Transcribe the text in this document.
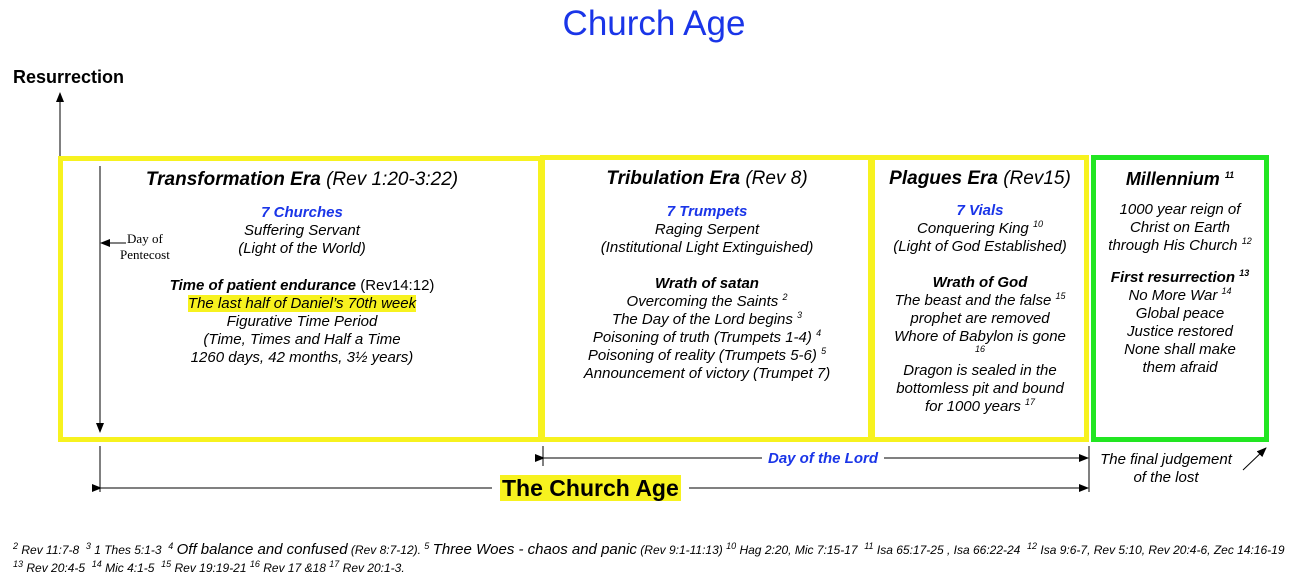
Church Age
Resurrection
Transformation Era (Rev 1:20-3:22)
7 Churches
Suffering Servant
(Light of the World)
Time of patient endurance (Rev14:12)
The last half of Daniel’s 70th week
Figurative Time Period
(Time, Times and Half a Time
1260 days, 42 months, 3½ years)
Day of
Pentecost
Tribulation Era (Rev 8)
7 Trumpets
Raging Serpent
(Institutional Light Extinguished)
Wrath of satan
Overcoming the Saints $^2$
The Day of the Lord begins $^3$
Poisoning of truth (Trumpets 1-4) $^4$
Poisoning of reality (Trumpets 5-6) $^5$
Announcement of victory (Trumpet 7)
Plagues Era (Rev15)
7 Vials
Conquering King $^{10}$
(Light of God Established)
Wrath of God
The beast and the false $^{15}$
prophet are removed
Whore of Babylon is gone
$^{16}$
Dragon is sealed in the
bottomless pit and bound
for 1000 years $^{17}$
Millennium $^{11}$
1000 year reign of
Christ on Earth
through His Church $^{12}$
First resurrection $^{13}$
No More War $^{14}$
Global peace
Justice restored
None shall make
them afraid
Day of the Lord
The Church Age
The final judgement
of the lost
$^2$ Rev 11:7-8 $^3$ 1 Thes 5:1-3 $^4$ Off balance and confused (Rev 8:7-12). $^5$ Three Woes - chaos and panic (Rev 9:1-11:13) $^{10}$ Hag 2:20, Mic 7:15-17 $^{11}$ Isa 65:17-25 , Isa 66:22-24 $^{12}$ Isa 9:6-7, Rev 5:10, Rev 20:4-6, Zec 14:16-19  $^{13}$ Rev 20:4-5 $^{14}$ Mic 4:1-5 $^{15}$ Rev 19:19-21 $^{16}$ Rev 17 &18 $^{17}$ Rev 20:1-3.
